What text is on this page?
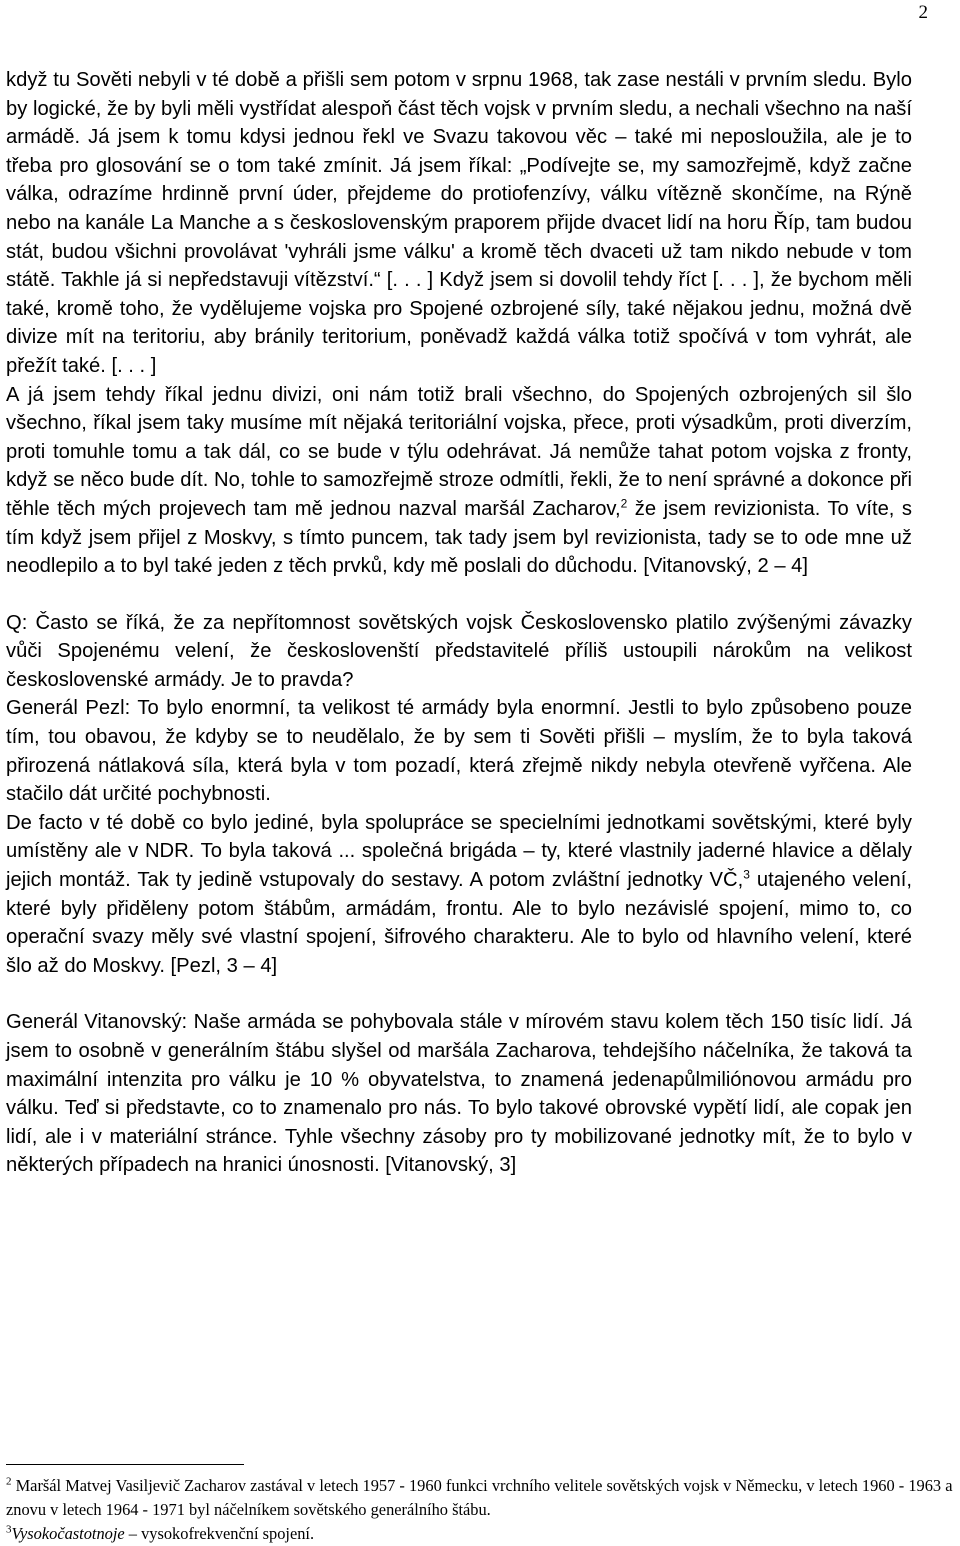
2

když tu Sověti nebyli v té době a přišli sem potom v srpnu 1968, tak zase nestáli v prvním sledu. Bylo by logické, že by byli měli vystřídat alespoň část těch vojsk v prvním sledu, a nechali všechno na naší armádě. Já jsem k tomu kdysi jednou řekl ve Svazu takovou věc – také mi neposloužila, ale je to třeba pro glosování se o tom také zmínit. Já jsem říkal: „Podívejte se, my samozřejmě, když začne válka, odrazíme hrdinně první úder, přejdeme do protiofenzívy, válku vítězně skončíme, na Rýně nebo na kanále La Manche a s československým praporem přijde dvacet lidí na horu Říp, tam budou stát, budou všichni provolávat 'vyhráli jsme válku' a kromě těch dvaceti už tam nikdo nebude v tom státě. Takhle já si nepředstavuji vítězství.“ [. . . ] Když jsem si dovolil tehdy říct [. . . ], že bychom měli také, kromě toho, že vydělujeme vojska pro Spojené ozbrojené síly, také nějakou jednu, možná dvě divize mít na teritoriu, aby bránily teritorium, poněvadž každá válka totiž spočívá v tom vyhrát, ale přežít také. [. . . ]

A já jsem tehdy říkal jednu divizi, oni nám totiž brali všechno, do Spojených ozbrojených sil šlo všechno, říkal jsem taky musíme mít nějaká teritoriální vojska, přece, proti výsadkům, proti diverzím, proti tomuhle tomu a tak dál, co se bude v týlu odehrávat. Já nemůže tahat potom vojska z fronty, když se něco bude dít. No, tohle to samozřejmě stroze odmítli, řekli, že to není správné a dokonce při těhle těch mých projevech tam mě jednou nazval maršál Zacharov,$^2$ že jsem revizionista. To víte, s tím když jsem přijel z Moskvy, s tímto puncem, tak tady jsem byl revizionista, tady se to ode mne už neodlepilo a to byl také jeden z těch prvků, kdy mě poslali do důchodu. [Vitanovský, 2 – 4]

Q: Často se říká, že za nepřítomnost sovětských vojsk Československo platilo zvýšenými závazky vůči Spojenému velení, že českoslovenští představitelé příliš ustoupili nárokům na velikost československé armády. Je to pravda?

Generál Pezl: To bylo enormní, ta velikost té armády byla enormní. Jestli to bylo způsobeno pouze tím, tou obavou, že kdyby se to neudělalo, že by sem ti Sověti přišli – myslím, že to byla taková přirozená nátlaková síla, která byla v tom pozadí, která zřejmě nikdy nebyla otevřeně vyřčena. Ale stačilo dát určité pochybnosti.

De facto v té době co bylo jediné, byla spolupráce se specielními jednotkami sovětskými, které byly umístěny ale v NDR. To byla taková ... společná brigáda – ty, které vlastnily jaderné hlavice a dělaly jejich montáž. Tak ty jedině vstupovaly do sestavy. A potom zvláštní jednotky VČ,$^3$ utajeného velení, které byly přiděleny potom štábům, armádám, frontu. Ale to bylo nezávislé spojení, mimo to, co operační svazy měly své vlastní spojení, šifrového charakteru. Ale to bylo od hlavního velení, které šlo až do Moskvy. [Pezl, 3 – 4]

Generál Vitanovský: Naše armáda se pohybovala stále v mírovém stavu kolem těch 150 tisíc lidí. Já jsem to osobně v generálním štábu slyšel od maršála Zacharova, tehdejšího náčelníka, že taková ta maximální intenzita pro válku je 10 % obyvatelstva, to znamená jedenapůlmiliónovou armádu pro válku. Teď si představte, co to znamenalo pro nás. To bylo takové obrovské vypětí lidí, ale copak jen lidí, ale i v materiální stránce. Tyhle všechny zásoby pro ty mobilizované jednotky mít, že to bylo v některých případech na hranici únosnosti. [Vitanovský, 3]

$^2$ Maršál Matvej Vasiljevič Zacharov zastával v letech 1957 - 1960 funkci vrchního velitele sovětských vojsk v Německu, v letech 1960 - 1963 a znovu v letech 1964 - 1971 byl náčelníkem sovětského generálního štábu.

$^3$Vysokočastotnoje – vysokofrekvenční spojení.
